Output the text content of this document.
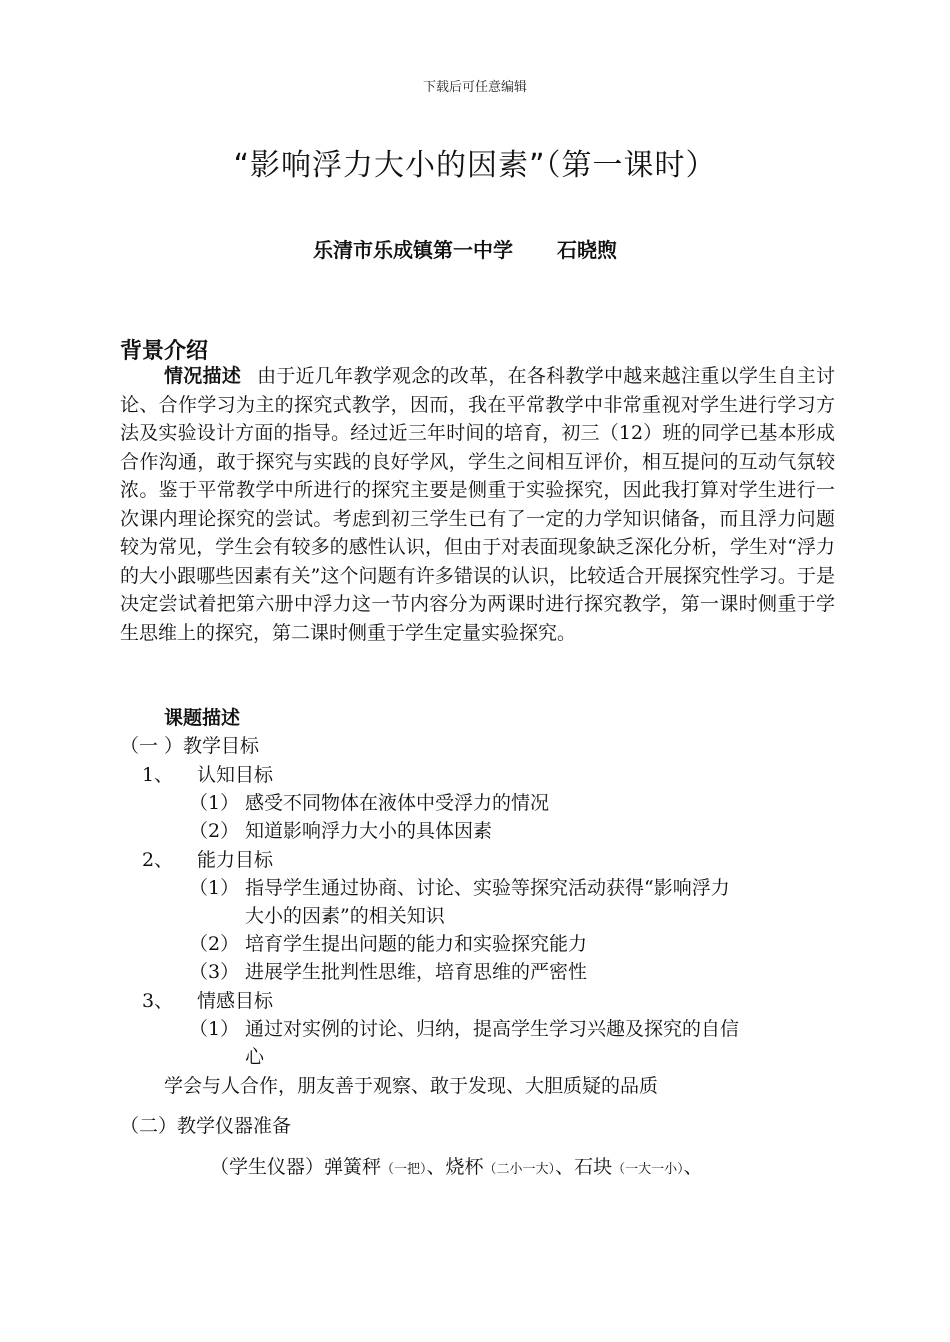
下载后可任意编辑
“影响浮力大小的因素”（第一课时）
乐清市乐成镇第一中学 石晓煦
背景介绍
情况描述 由于近几年教学观念的改革，在各科教学中越来越注重以学生自主讨论、合作学习为主的探究式教学，因而，我在平常教学中非常重视对学生进行学习方法及实验设计方面的指导。经过近三年时间的培育，初三（12）班的同学已基本形成合作沟通，敢于探究与实践的良好学风，学生之间相互评价，相互提问的互动气氛较浓。鉴于平常教学中所进行的探究主要是侧重于实验探究，因此我打算对学生进行一次课内理论探究的尝试。考虑到初三学生已有了一定的力学知识储备，而且浮力问题较为常见，学生会有较多的感性认识，但由于对表面现象缺乏深化分析，学生对“浮力的大小跟哪些因素有关”这个问题有许多错误的认识，比较适合开展探究性学习。于是决定尝试着把第六册中浮力这一节内容分为两课时进行探究教学，第一课时侧重于学生思维上的探究，第二课时侧重于学生定量实验探究。
课题描述
（一 ）教学目标
1、 认知目标
（1） 感受不同物体在液体中受浮力的情况
（2） 知道影响浮力大小的具体因素
2、 能力目标
（1） 指导学生通过协商、讨论、实验等探究活动获得“影响浮力
大小的因素”的相关知识
（2） 培育学生提出问题的能力和实验探究能力
（3） 进展学生批判性思维，培育思维的严密性
3、 情感目标
（1） 通过对实例的讨论、归纳，提高学生学习兴趣及探究的自信
心
学会与人合作，朋友善于观察、敢于发现、大胆质疑的品质
（二）教学仪器准备
（学生仪器）弹簧秤（一把）、烧杯（二小一大）、石块（一大一小）、
